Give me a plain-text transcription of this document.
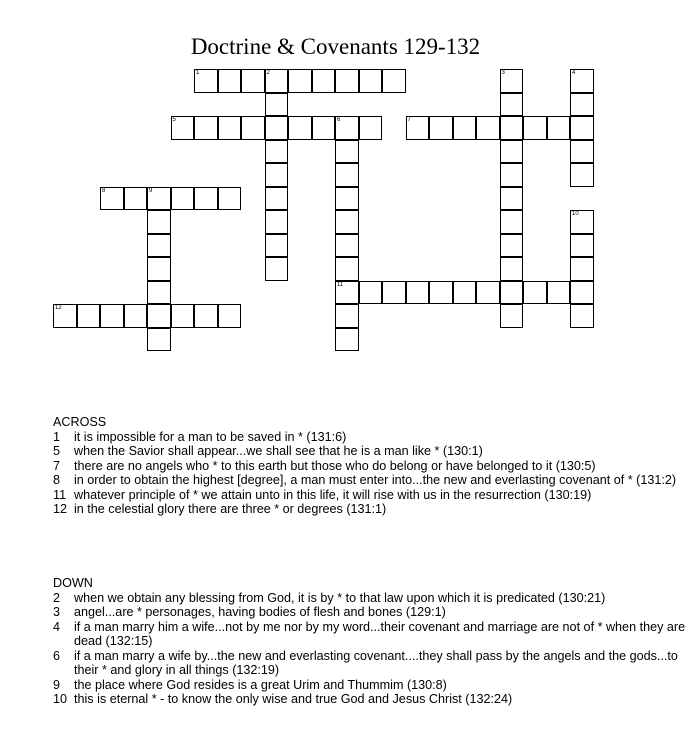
Doctrine & Covenants 129-132
1	2	3	4
5	6	7
8	9
10
11
12
ACROSS
1 it is impossible for a man to be saved in * (131:6)
5 when the Savior shall appear...we shall see that he is a man like * (130:1)
7 there are no angels who * to this earth but those who do belong or have belonged to it (130:5)
8 in order to obtain the highest [degree], a man must enter into...the new and everlasting covenant of * (131:2)
11 whatever principle of * we attain unto in this life, it will rise with us in the resurrection (130:19)
12 in the celestial glory there are three * or degrees (131:1)
DOWN
2 when we obtain any blessing from God, it is by * to that law upon which it is predicated (130:21)
3 angel...are * personages, having bodies of flesh and bones (129:1)
4 if a man marry him a wife...not by me nor by my word...their covenant and marriage are not of * when they are dead (132:15)
6 if a man marry a wife by...the new and everlasting covenant....they shall pass by the angels and the gods...to their * and glory in all things (132:19)
9 the place where God resides is a great Urim and Thummim (130:8)
10 this is eternal * - to know the only wise and true God and Jesus Christ (132:24)
